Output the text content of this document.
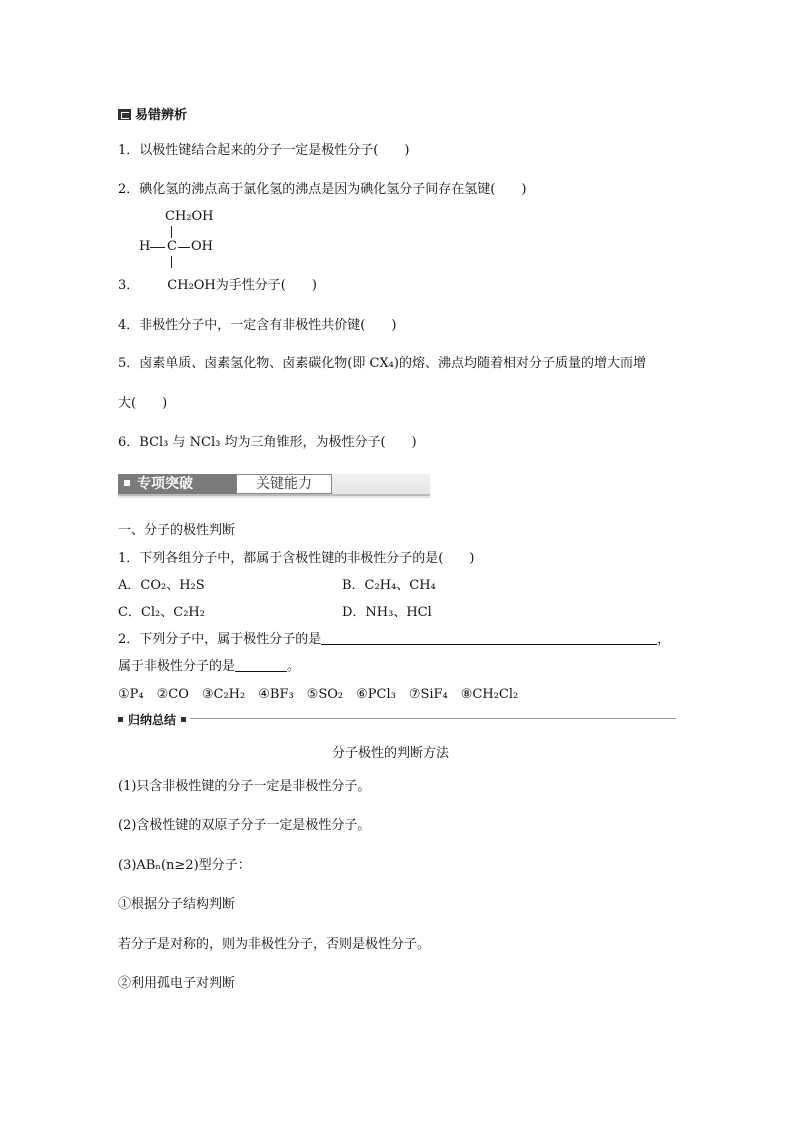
易错辨析
1．以极性键结合起来的分子一定是极性分子(　　)
2．碘化氢的沸点高于氯化氢的沸点是因为碘化氢分子间存在氢键(　　)
CH₂OH
H C OH
3． CH₂OH为手性分子(　　)
4．非极性分子中，一定含有非极性共价键(　　)
5．卤素单质、卤素氢化物、卤素碳化物(即 CX₄)的熔、沸点均随着相对分子质量的增大而增
大(　　)
6．BCl₃ 与 NCl₃ 均为三角锥形，为极性分子(　　)
专项突破	关键能力
一、分子的极性判断
1．下列各组分子中，都属于含极性键的非极性分子的是(　　)
A．CO₂、H₂S	B．C₂H₄、CH₄
C．Cl₂、C₂H₂	D．NH₃、HCl
2．下列分子中，属于极性分子的是	，
属于非极性分子的是	。
①P₄　②CO　③C₂H₂　④BF₃　⑤SO₂　⑥PCl₃　⑦SiF₄　⑧CH₂Cl₂
归纳总结
分子极性的判断方法
(1)只含非极性键的分子一定是非极性分子。
(2)含极性键的双原子分子一定是极性分子。
(3)ABₙ(n≥2)型分子：
①根据分子结构判断
若分子是对称的，则为非极性分子，否则是极性分子。
②利用孤电子对判断
